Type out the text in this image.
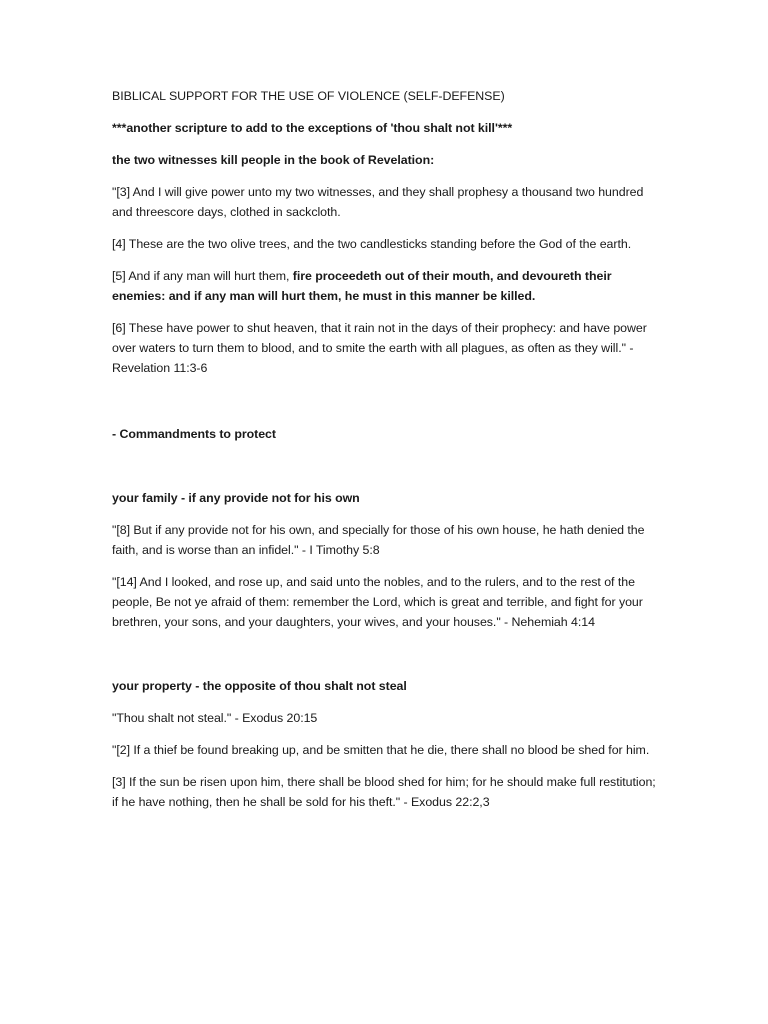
BIBLICAL SUPPORT FOR THE USE OF VIOLENCE (SELF-DEFENSE)

***another scripture to add to the exceptions of 'thou shalt not kill'***

the two witnesses kill people in the book of Revelation:

"[3] And I will give power unto my two witnesses, and they shall prophesy a thousand two hundred and threescore days, clothed in sackcloth.

[4] These are the two olive trees, and the two candlesticks standing before the God of the earth.

[5] And if any man will hurt them, fire proceedeth out of their mouth, and devoureth their enemies: and if any man will hurt them, he must in this manner be killed.

[6] These have power to shut heaven, that it rain not in the days of their prophecy: and have power over waters to turn them to blood, and to smite the earth with all plagues, as often as they will." - Revelation 11:3-6

- Commandments to protect

your family - if any provide not for his own

"[8] But if any provide not for his own, and specially for those of his own house, he hath denied the faith, and is worse than an infidel." - I Timothy 5:8

"[14] And I looked, and rose up, and said unto the nobles, and to the rulers, and to the rest of the people, Be not ye afraid of them: remember the Lord, which is great and terrible, and fight for your brethren, your sons, and your daughters, your wives, and your houses." - Nehemiah 4:14

your property - the opposite of thou shalt not steal

"Thou shalt not steal." - Exodus 20:15

"[2] If a thief be found breaking up, and be smitten that he die, there shall no blood be shed for him.

[3] If the sun be risen upon him, there shall be blood shed for him; for he should make full restitution; if he have nothing, then he shall be sold for his theft." - Exodus 22:2,3
